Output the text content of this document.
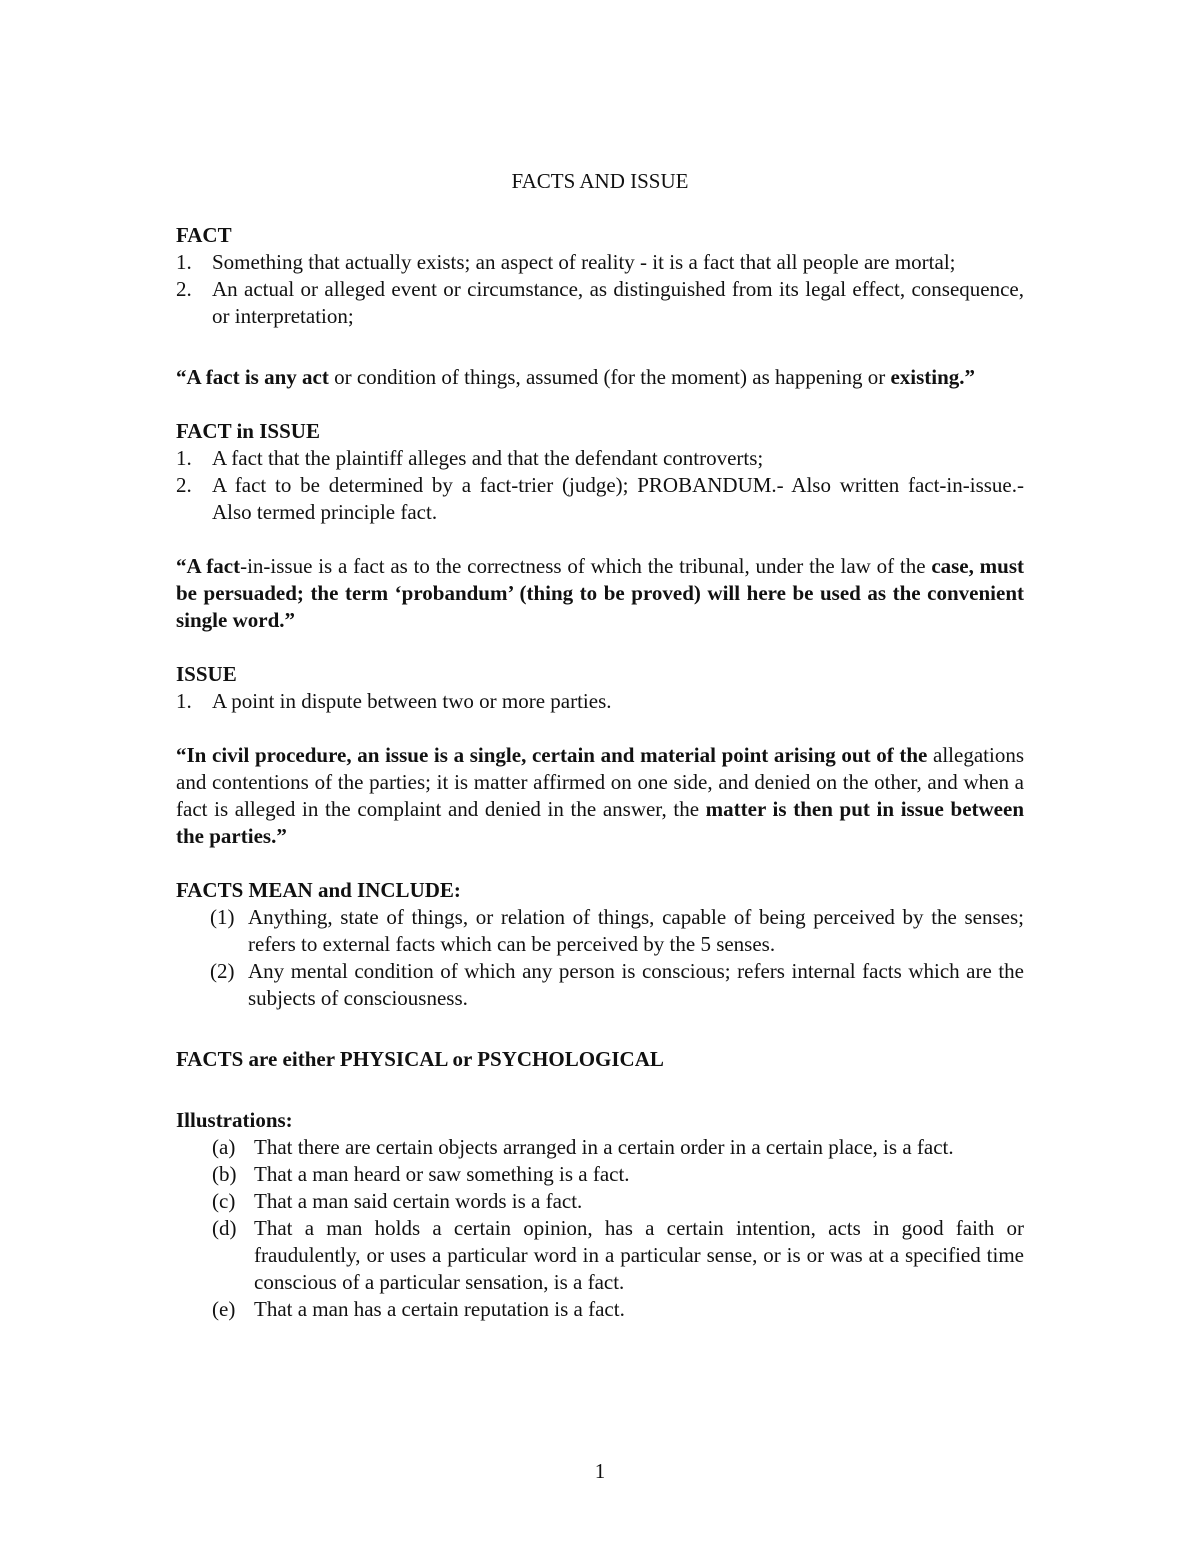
FACTS AND ISSUE
FACT
1. Something that actually exists; an aspect of reality - it is a fact that all people are mortal;
2. An actual or alleged event or circumstance, as distinguished from its legal effect, consequence, or interpretation;

“A fact is any act or condition of things, assumed (for the moment) as happening or existing.”

FACT in ISSUE
1. A fact that the plaintiff alleges and that the defendant controverts;
2. A fact to be determined by a fact-trier (judge); PROBANDUM.- Also written fact-in-issue.- Also termed principle fact.

“A fact-in-issue is a fact as to the correctness of which the tribunal, under the law of the case, must be persuaded; the term ‘probandum’ (thing to be proved) will here be used as the convenient single word.”

ISSUE
1. A point in dispute between two or more parties.

“In civil procedure, an issue is a single, certain and material point arising out of the allegations and contentions of the parties; it is matter affirmed on one side, and denied on the other, and when a fact is alleged in the complaint and denied in the answer, the matter is then put in issue between the parties.”

FACTS MEAN and INCLUDE:
(1) Anything, state of things, or relation of things, capable of being perceived by the senses; refers to external facts which can be perceived by the 5 senses.
(2) Any mental condition of which any person is conscious; refers internal facts which are the subjects of consciousness.
FACTS are either PHYSICAL or PSYCHOLOGICAL
Illustrations:
(a) That there are certain objects arranged in a certain order in a certain place, is a fact.
(b) That a man heard or saw something is a fact.
(c) That a man said certain words is a fact.
(d) That a man holds a certain opinion, has a certain intention, acts in good faith or fraudulently, or uses a particular word in a particular sense, or is or was at a specified time conscious of a particular sensation, is a fact.
(e) That a man has a certain reputation is a fact.
1
